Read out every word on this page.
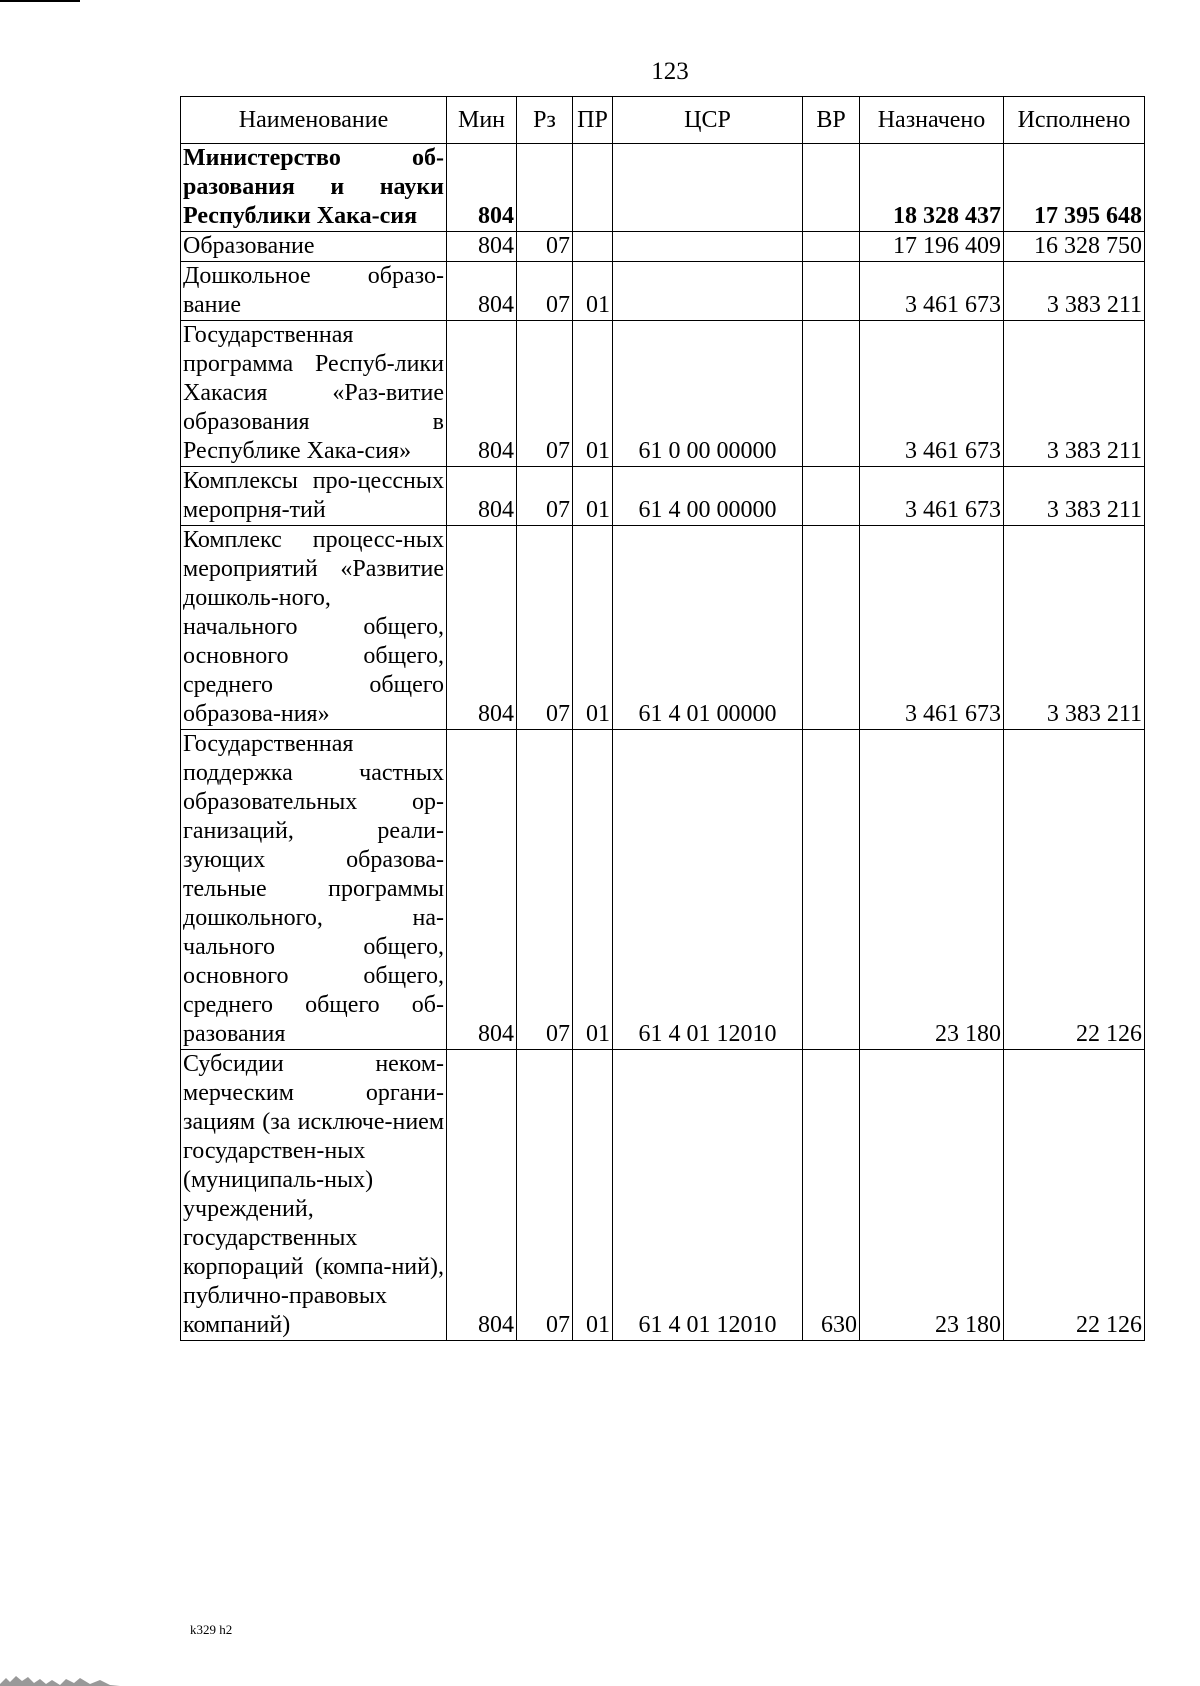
123
Наименование	Мин	Рз	ПР	ЦСР	ВР	Назначено	Исполнено
Министерство об-разования и науки Республики Хака-сия	804					18 328 437	17 395 648
Образование	804	07				17 196 409	16 328 750
Дошкольное образо-вание	804	07	01			3 461 673	3 383 211
Государственная программа Респуб-лики Хакасия «Раз-витие образования в Республике Хака-сия»	804	07	01	61 0 00 00000		3 461 673	3 383 211
Комплексы про-цессных меропрня-тий	804	07	01	61 4 00 00000		3 461 673	3 383 211
Комплекс процесс-ных мероприятий «Развитие дошколь-ного, начального общего, основного общего, среднего общего образова-ния»	804	07	01	61 4 01 00000		3 461 673	3 383 211
Государственная поддержка частных образовательных ор-ганизаций, реали-зующих образова-тельные программы дошкольного, на-чального общего, основного общего, среднего общего об-разования	804	07	01	61 4 01 12010		23 180	22 126
Субсидии неком-мерческим органи-зациям (за исключе-нием государствен-ных (муниципаль-ных) учреждений, государственных корпораций (компа-ний), публично-правовых компаний)	804	07	01	61 4 01 12010	630	23 180	22 126
k329 h2
